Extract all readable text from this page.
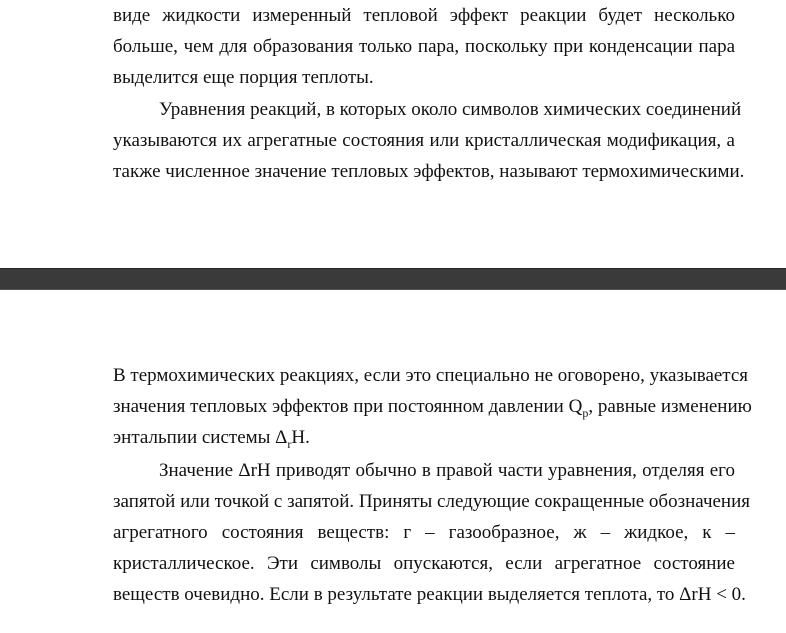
виде жидкости измеренный тепловой эффект реакции будет несколько
больше, чем для образования только пара, поскольку при конденсации пара
выделится еще порция теплоты.

Уравнения реакций, в которых около символов химических соединений
указываются их агрегатные состояния или кристаллическая модификация, а
также численное значение тепловых эффектов, называют термохимическими.

В термохимических реакциях, если это специально не оговорено, указывается
значения тепловых эффектов при постоянном давлении $Q_p$, равные изменению
энтальпии системы $\Delta_rH$.

Значение ΔrH приводят обычно в правой части уравнения, отделяя его
запятой или точкой с запятой. Приняты следующие сокращенные обозначения
агрегатного состояния веществ: г – газообразное, ж – жидкое, к –
кристаллическое. Эти символы опускаются, если агрегатное состояние
веществ очевидно. Если в результате реакции выделяется теплота, то ΔrH < 0.
